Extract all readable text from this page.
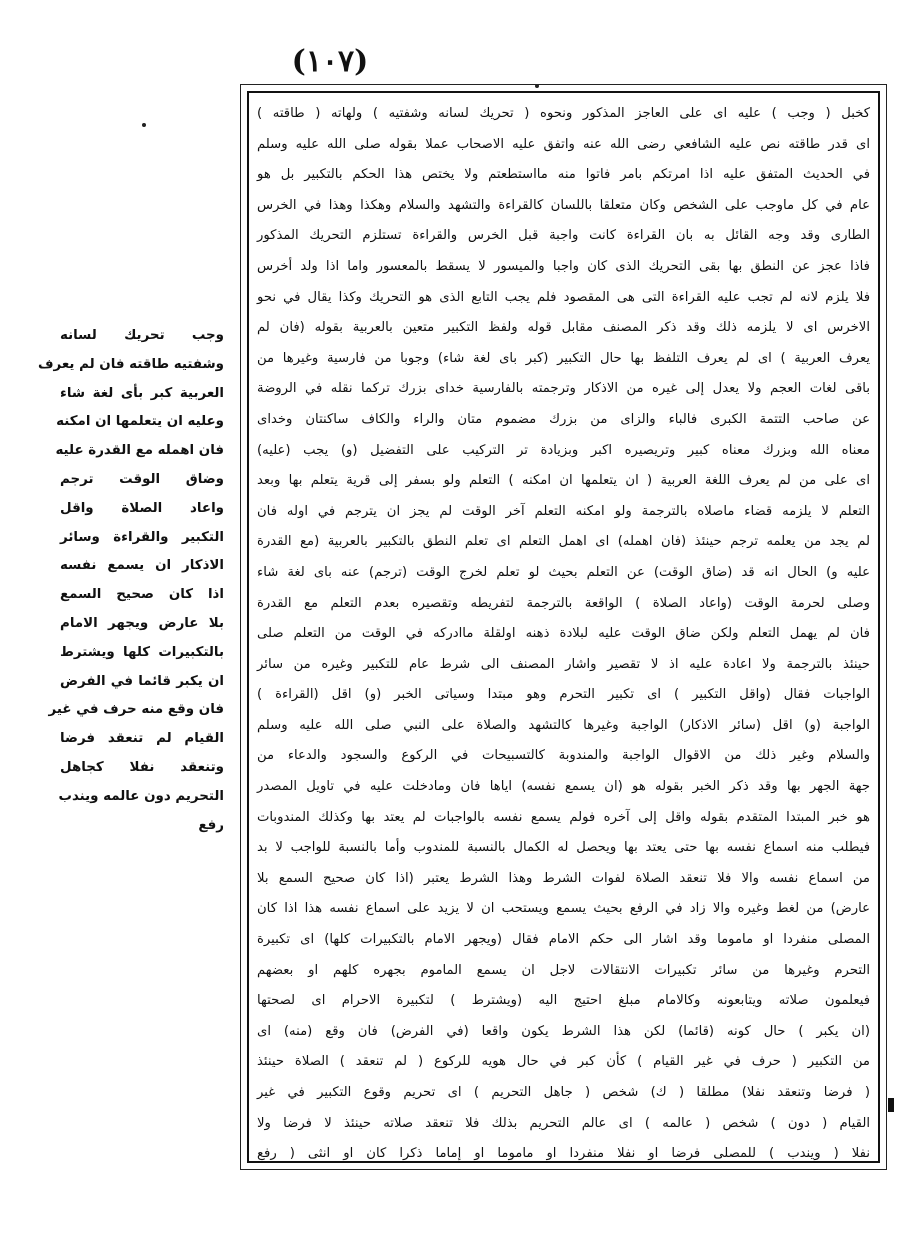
(١٠٧)
كخبل ( وجب ) عليه اى على العاجز المذكور ونحوه ( تحريك لسانه وشفتيه ) ولهاته ( طاقته )
اى قدر طاقته نص عليه الشافعي رضى الله عنه واتفق عليه الاصحاب عملا بقوله صلى الله عليه وسلم
في الحديث المتفق عليه اذا امرتكم بامر فاتوا منه مااستطعتم ولا يختص هذا الحكم بالتكبير بل هو
عام في كل ماوجب على الشخص وكان متعلقا باللسان كالقراءة والتشهد والسلام وهكذا وهذا في الخرس
الطارى وقد وجه القائل به بان القراءة كانت واجبة قبل الخرس والقراءة تستلزم التحريك المذكور
فاذا عجز عن النطق بها بقى التحريك الذى كان واجبا والميسور لا يسقط بالمعسور واما اذا ولد أخرس
فلا يلزم لانه لم تجب عليه القراءة التى هى المقصود فلم يجب التابع الذى هو التحريك وكذا يقال في نحو
الاخرس اى لا يلزمه ذلك وقد ذكر المصنف مقابل قوله ولفظ التكبير متعين بالعربية بقوله (فان لم
يعرف العربية ) اى لم يعرف التلفظ بها حال التكبير (كبر باى لغة شاء) وجوبا من فارسية وغيرها من
باقى لغات العجم ولا يعدل إلى غيره من الاذكار وترجمته بالفارسية خداى بزرك تركما نقله في الروضة
عن صاحب التتمة الكبرى فالباء والزاى من بزرك مضموم متان والراء والكاف ساكنتان وخداى
معناه الله وبزرك معناه كبير وتريصيره اكبر وبزيادة تر التركيب على التفضيل (و) يجب (عليه)
اى على من لم يعرف اللغة العربية ( ان يتعلمها ان امكنه ) التعلم ولو بسفر إلى قرية يتعلم بها وبعد
التعلم لا يلزمه قضاء ماصلاه بالترجمة ولو امكنه التعلم آخر الوقت لم يجز ان يترجم في اوله فان
لم يجد من يعلمه ترجم حينئذ (فان اهمله) اى اهمل التعلم اى تعلم النطق بالتكبير بالعربية (مع القدرة
عليه و) الحال انه قد (ضاق الوقت) عن التعلم بحيث لو تعلم لخرج الوقت (ترجم) عنه باى لغة شاء
وصلى لحرمة الوقت (واعاد الصلاة ) الواقعة بالترجمة لتفريطه وتقصيره بعدم التعلم مع القدرة
فان لم يهمل التعلم ولكن ضاق الوقت عليه لبلادة ذهنه اولقلة ماادركه في الوقت من التعلم صلى
حينئذ بالترجمة ولا اعادة عليه اذ لا تقصير واشار المصنف الى شرط عام للتكبير وغيره من سائر
الواجبات فقال (واقل التكبير ) اى تكبير التحرم وهو مبتدا وسياتى الخبر (و) اقل (القراءة )
الواجبة (و) اقل (سائر الاذكار) الواجبة وغيرها كالتشهد والصلاة على النبي صلى الله عليه وسلم
والسلام وغير ذلك من الاقوال الواجبة والمندوبة كالتسبيحات في الركوع والسجود والدعاء من
جهة الجهر بها وقد ذكر الخبر بقوله هو (ان يسمع نفسه) اياها فان ومادخلت عليه في تاويل المصدر
هو خبر المبتدا المتقدم بقوله واقل إلى آخره فولم يسمع نفسه بالواجبات لم يعتد بها وكذلك المندوبات
فيطلب منه اسماع نفسه بها حتى يعتد بها ويحصل له الكمال بالنسبة للمندوب وأما بالنسبة للواجب لا بد
من اسماع نفسه والا فلا تنعقد الصلاة لفوات الشرط وهذا الشرط يعتبر (اذا كان صحيح السمع بلا
عارض) من لغط وغيره والا زاد في الرفع بحيث يسمع ويستحب ان لا يزيد على اسماع نفسه هذا اذا كان
المصلى منفردا او ماموما وقد اشار الى حكم الامام فقال (ويجهر الامام بالتكبيرات كلها) اى تكبيرة
التحرم وغيرها من سائر تكبيرات الانتقالات لاجل ان يسمع الماموم بجهره كلهم او بعضهم
فيعلمون صلاته ويتابعونه وكالامام مبلغ احتيج اليه (ويشترط ) لتكبيرة الاحرام اى لصحتها
(ان يكبر ) حال كونه (قائما) لكن هذا الشرط يكون واقعا (في الفرض) فان وقع (منه) اى
من التكبير ( حرف في غير القيام ) كأن كبر في حال هويه للركوع ( لم تنعقد ) الصلاة حينئذ
( فرضا وتنعقد نفلا) مطلقا ( ك) شخص ( جاهل التحريم ) اى تحريم وقوع التكبير في غير
القيام ( دون ) شخص ( عالمه ) اى عالم التحريم بذلك فلا تنعقد صلاته حينئذ لا فرضا ولا
نفلا ( ويندب ) للمصلى فرضا او نفلا منفردا او ماموما او إماما ذكرا كان او انثى ( رفع
وجب تحريك لسانه
وشفتيه طاقته فان لم يعرف
العربية كبر بأى لغة شاء
وعليه ان يتعلمها ان امكنه
فان اهمله مع القدرة عليه
وضاق الوقت ترجم
واعاد الصلاة واقل
التكبير والقراءة وسائر
الاذكار ان يسمع نفسه
اذا كان صحيح السمع
بلا عارض ويجهر الامام
بالتكبيرات كلها ويشترط
ان يكبر قائما في الفرض
فان وقع منه حرف في غير
القيام لم تنعقد فرضا
وتنعقد نفلا كجاهل
التحريم دون عالمه ويندب
رفع
